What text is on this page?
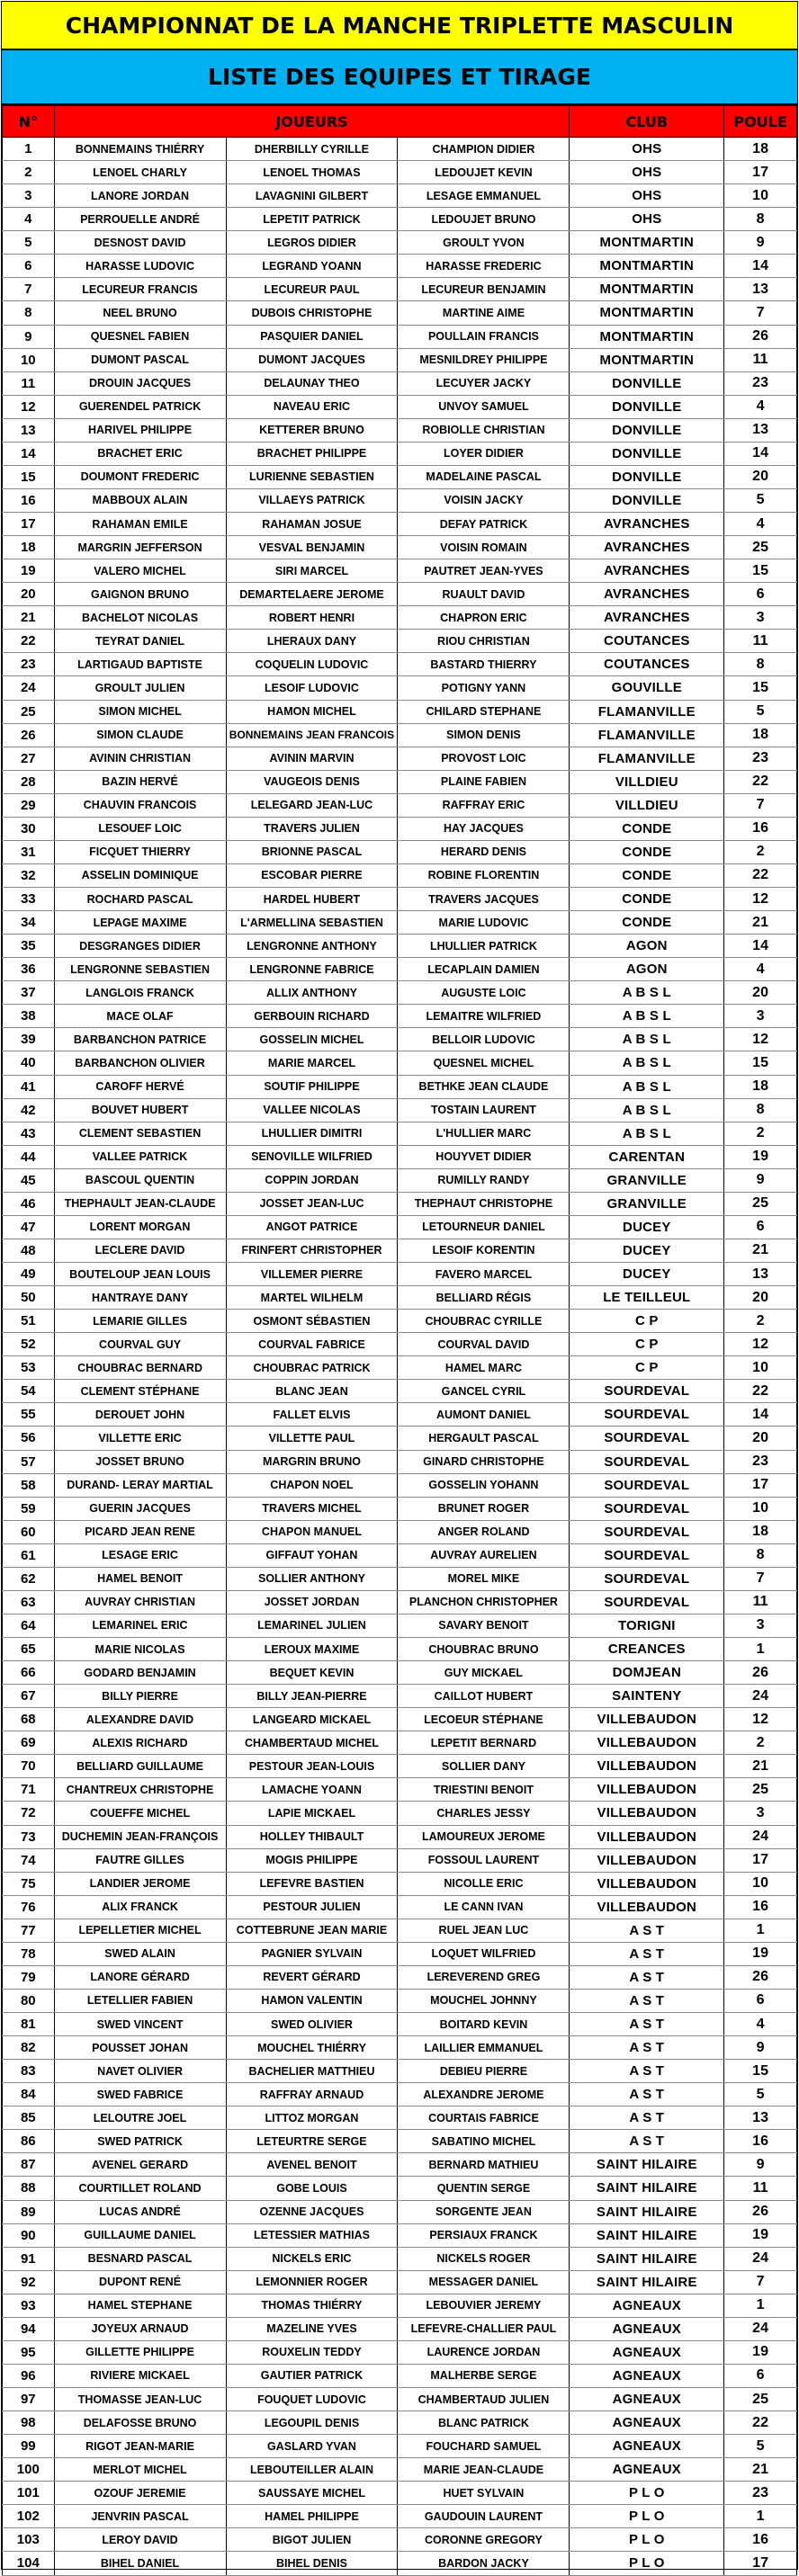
CHAMPIONNAT DE LA MANCHE TRIPLETTE MASCULIN
LISTE DES EQUIPES ET TIRAGE
N°	JOUEURS			CLUB	POULE
1	BONNEMAINS THIÉRRY	DHERBILLY CYRILLE	CHAMPION DIDIER	OHS	18
2	LENOEL CHARLY	LENOEL THOMAS	LEDOUJET KEVIN	OHS	17
3	LANORE JORDAN	LAVAGNINI GILBERT	LESAGE EMMANUEL	OHS	10
4	PERROUELLE ANDRÉ	LEPETIT PATRICK	LEDOUJET BRUNO	OHS	8
5	DESNOST DAVID	LEGROS DIDIER	GROULT YVON	MONTMARTIN	9
6	HARASSE LUDOVIC	LEGRAND YOANN	HARASSE FREDERIC	MONTMARTIN	14
7	LECUREUR FRANCIS	LECUREUR PAUL	LECUREUR BENJAMIN	MONTMARTIN	13
8	NEEL BRUNO	DUBOIS CHRISTOPHE	MARTINE AIME	MONTMARTIN	7
9	QUESNEL FABIEN	PASQUIER DANIEL	POULLAIN FRANCIS	MONTMARTIN	26
10	DUMONT PASCAL	DUMONT JACQUES	MESNILDREY PHILIPPE	MONTMARTIN	11
11	DROUIN JACQUES	DELAUNAY THEO	LECUYER JACKY	DONVILLE	23
12	GUERENDEL PATRICK	NAVEAU ERIC	UNVOY SAMUEL	DONVILLE	4
13	HARIVEL PHILIPPE	KETTERER BRUNO	ROBIOLLE CHRISTIAN	DONVILLE	13
14	BRACHET ERIC	BRACHET PHILIPPE	LOYER DIDIER	DONVILLE	14
15	DOUMONT FREDERIC	LURIENNE SEBASTIEN	MADELAINE PASCAL	DONVILLE	20
16	MABBOUX ALAIN	VILLAEYS PATRICK	VOISIN JACKY	DONVILLE	5
17	RAHAMAN EMILE	RAHAMAN JOSUE	DEFAY PATRICK	AVRANCHES	4
18	MARGRIN JEFFERSON	VESVAL BENJAMIN	VOISIN ROMAIN	AVRANCHES	25
19	VALERO MICHEL	SIRI MARCEL	PAUTRET JEAN-YVES	AVRANCHES	15
20	GAIGNON BRUNO	DEMARTELAERE JEROME	RUAULT DAVID	AVRANCHES	6
21	BACHELOT NICOLAS	ROBERT HENRI	CHAPRON ERIC	AVRANCHES	3
22	TEYRAT DANIEL	LHERAUX DANY	RIOU CHRISTIAN	COUTANCES	11
23	LARTIGAUD BAPTISTE	COQUELIN LUDOVIC	BASTARD THIERRY	COUTANCES	8
24	GROULT JULIEN	LESOIF LUDOVIC	POTIGNY YANN	GOUVILLE	15
25	SIMON MICHEL	HAMON MICHEL	CHILARD STEPHANE	FLAMANVILLE	5
26	SIMON CLAUDE	BONNEMAINS JEAN FRANCOIS	SIMON DENIS	FLAMANVILLE	18
27	AVININ CHRISTIAN	AVININ MARVIN	PROVOST LOIC	FLAMANVILLE	23
28	BAZIN HERVÉ	VAUGEOIS DENIS	PLAINE FABIEN	VILLDIEU	22
29	CHAUVIN FRANCOIS	LELEGARD JEAN-LUC	RAFFRAY ERIC	VILLDIEU	7
30	LESOUEF LOIC	TRAVERS JULIEN	HAY JACQUES	CONDE	16
31	FICQUET THIERRY	BRIONNE PASCAL	HERARD DENIS	CONDE	2
32	ASSELIN DOMINIQUE	ESCOBAR PIERRE	ROBINE FLORENTIN	CONDE	22
33	ROCHARD PASCAL	HARDEL HUBERT	TRAVERS JACQUES	CONDE	12
34	LEPAGE MAXIME	L'ARMELLINA SEBASTIEN	MARIE LUDOVIC	CONDE	21
35	DESGRANGES DIDIER	LENGRONNE ANTHONY	LHULLIER PATRICK	AGON	14
36	LENGRONNE SEBASTIEN	LENGRONNE FABRICE	LECAPLAIN DAMIEN	AGON	4
37	LANGLOIS FRANCK	ALLIX ANTHONY	AUGUSTE LOIC	A B S L	20
38	MACE OLAF	GERBOUIN RICHARD	LEMAITRE WILFRIED	A B S L	3
39	BARBANCHON PATRICE	GOSSELIN MICHEL	BELLOIR LUDOVIC	A B S L	12
40	BARBANCHON OLIVIER	MARIE MARCEL	QUESNEL MICHEL	A B S L	15
41	CAROFF HERVÉ	SOUTIF PHILIPPE	BETHKE JEAN CLAUDE	A B S L	18
42	BOUVET HUBERT	VALLEE NICOLAS	TOSTAIN LAURENT	A B S L	8
43	CLEMENT SEBASTIEN	LHULLIER DIMITRI	L'HULLIER MARC	A B S L	2
44	VALLEE PATRICK	SENOVILLE WILFRIED	HOUYVET DIDIER	CARENTAN	19
45	BASCOUL QUENTIN	COPPIN JORDAN	RUMILLY RANDY	GRANVILLE	9
46	THEPHAULT JEAN-CLAUDE	JOSSET JEAN-LUC	THEPHAUT CHRISTOPHE	GRANVILLE	25
47	LORENT MORGAN	ANGOT PATRICE	LETOURNEUR DANIEL	DUCEY	6
48	LECLERE DAVID	FRINFERT CHRISTOPHER	LESOIF KORENTIN	DUCEY	21
49	BOUTELOUP JEAN LOUIS	VILLEMER PIERRE	FAVERO MARCEL	DUCEY	13
50	HANTRAYE DANY	MARTEL WILHELM	BELLIARD RÉGIS	LE TEILLEUL	20
51	LEMARIE GILLES	OSMONT SÉBASTIEN	CHOUBRAC CYRILLE	C P	2
52	COURVAL GUY	COURVAL FABRICE	COURVAL DAVID	C P	12
53	CHOUBRAC BERNARD	CHOUBRAC PATRICK	HAMEL MARC	C P	10
54	CLEMENT STÉPHANE	BLANC JEAN	GANCEL CYRIL	SOURDEVAL	22
55	DEROUET JOHN	FALLET ELVIS	AUMONT DANIEL	SOURDEVAL	14
56	VILLETTE ERIC	VILLETTE PAUL	HERGAULT PASCAL	SOURDEVAL	20
57	JOSSET BRUNO	MARGRIN BRUNO	GINARD CHRISTOPHE	SOURDEVAL	23
58	DURAND- LERAY MARTIAL	CHAPON NOEL	GOSSELIN YOHANN	SOURDEVAL	17
59	GUERIN JACQUES	TRAVERS MICHEL	BRUNET ROGER	SOURDEVAL	10
60	PICARD JEAN RENE	CHAPON MANUEL	ANGER ROLAND	SOURDEVAL	18
61	LESAGE ERIC	GIFFAUT YOHAN	AUVRAY AURELIEN	SOURDEVAL	8
62	HAMEL BENOIT	SOLLIER ANTHONY	MOREL MIKE	SOURDEVAL	7
63	AUVRAY CHRISTIAN	JOSSET JORDAN	PLANCHON CHRISTOPHER	SOURDEVAL	11
64	LEMARINEL ERIC	LEMARINEL JULIEN	SAVARY BENOIT	TORIGNI	3
65	MARIE NICOLAS	LEROUX MAXIME	CHOUBRAC BRUNO	CREANCES	1
66	GODARD BENJAMIN	BEQUET KEVIN	GUY MICKAEL	DOMJEAN	26
67	BILLY PIERRE	BILLY JEAN-PIERRE	CAILLOT HUBERT	SAINTENY	24
68	ALEXANDRE DAVID	LANGEARD MICKAEL	LECOEUR STÉPHANE	VILLEBAUDON	12
69	ALEXIS RICHARD	CHAMBERTAUD MICHEL	LEPETIT BERNARD	VILLEBAUDON	2
70	BELLIARD GUILLAUME	PESTOUR JEAN-LOUIS	SOLLIER DANY	VILLEBAUDON	21
71	CHANTREUX CHRISTOPHE	LAMACHE YOANN	TRIESTINI BENOIT	VILLEBAUDON	25
72	COUEFFE MICHEL	LAPIE MICKAEL	CHARLES JESSY	VILLEBAUDON	3
73	DUCHEMIN JEAN-FRANÇOIS	HOLLEY THIBAULT	LAMOUREUX JEROME	VILLEBAUDON	24
74	FAUTRE GILLES	MOGIS PHILIPPE	FOSSOUL LAURENT	VILLEBAUDON	17
75	LANDIER JEROME	LEFEVRE BASTIEN	NICOLLE ERIC	VILLEBAUDON	10
76	ALIX FRANCK	PESTOUR JULIEN	LE CANN IVAN	VILLEBAUDON	16
77	LEPELLETIER MICHEL	COTTEBRUNE JEAN MARIE	RUEL JEAN LUC	A S T	1
78	SWED ALAIN	PAGNIER SYLVAIN	LOQUET WILFRIED	A S T	19
79	LANORE GÉRARD	REVERT GÉRARD	LEREVEREND GREG	A S T	26
80	LETELLIER FABIEN	HAMON VALENTIN	MOUCHEL JOHNNY	A S T	6
81	SWED VINCENT	SWED OLIVIER	BOITARD KEVIN	A S T	4
82	POUSSET JOHAN	MOUCHEL THIÉRRY	LAILLIER EMMANUEL	A S T	9
83	NAVET OLIVIER	BACHELIER MATTHIEU	DEBIEU PIERRE	A S T	15
84	SWED FABRICE	RAFFRAY ARNAUD	ALEXANDRE JEROME	A S T	5
85	LELOUTRE JOEL	LITTOZ MORGAN	COURTAIS FABRICE	A S T	13
86	SWED PATRICK	LETEURTRE SERGE	SABATINO MICHEL	A S T	16
87	AVENEL GERARD	AVENEL BENOIT	BERNARD MATHIEU	SAINT HILAIRE	9
88	COURTILLET ROLAND	GOBE LOUIS	QUENTIN SERGE	SAINT HILAIRE	11
89	LUCAS ANDRÉ	OZENNE JACQUES	SORGENTE JEAN	SAINT HILAIRE	26
90	GUILLAUME DANIEL	LETESSIER MATHIAS	PERSIAUX FRANCK	SAINT HILAIRE	19
91	BESNARD PASCAL	NICKELS ERIC	NICKELS ROGER	SAINT HILAIRE	24
92	DUPONT RENÉ	LEMONNIER ROGER	MESSAGER DANIEL	SAINT HILAIRE	7
93	HAMEL STEPHANE	THOMAS THIÉRRY	LEBOUVIER JEREMY	AGNEAUX	1
94	JOYEUX ARNAUD	MAZELINE YVES	LEFEVRE-CHALLIER PAUL	AGNEAUX	24
95	GILLETTE PHILIPPE	ROUXELIN TEDDY	LAURENCE JORDAN	AGNEAUX	19
96	RIVIERE MICKAEL	GAUTIER PATRICK	MALHERBE SERGE	AGNEAUX	6
97	THOMASSE JEAN-LUC	FOUQUET LUDOVIC	CHAMBERTAUD JULIEN	AGNEAUX	25
98	DELAFOSSE BRUNO	LEGOUPIL DENIS	BLANC PATRICK	AGNEAUX	22
99	RIGOT JEAN-MARIE	GASLARD YVAN	FOUCHARD SAMUEL	AGNEAUX	5
100	MERLOT MICHEL	LEBOUTEILLER ALAIN	MARIE JEAN-CLAUDE	AGNEAUX	21
101	OZOUF JEREMIE	SAUSSAYE MICHEL	HUET SYLVAIN	P L O	23
102	JENVRIN PASCAL	HAMEL PHILIPPE	GAUDOUIN LAURENT	P L O	1
103	LEROY DAVID	BIGOT JULIEN	CORONNE GREGORY	P L O	16
104	BIHEL DANIEL	BIHEL DENIS	BARDON JACKY	P L O	17
